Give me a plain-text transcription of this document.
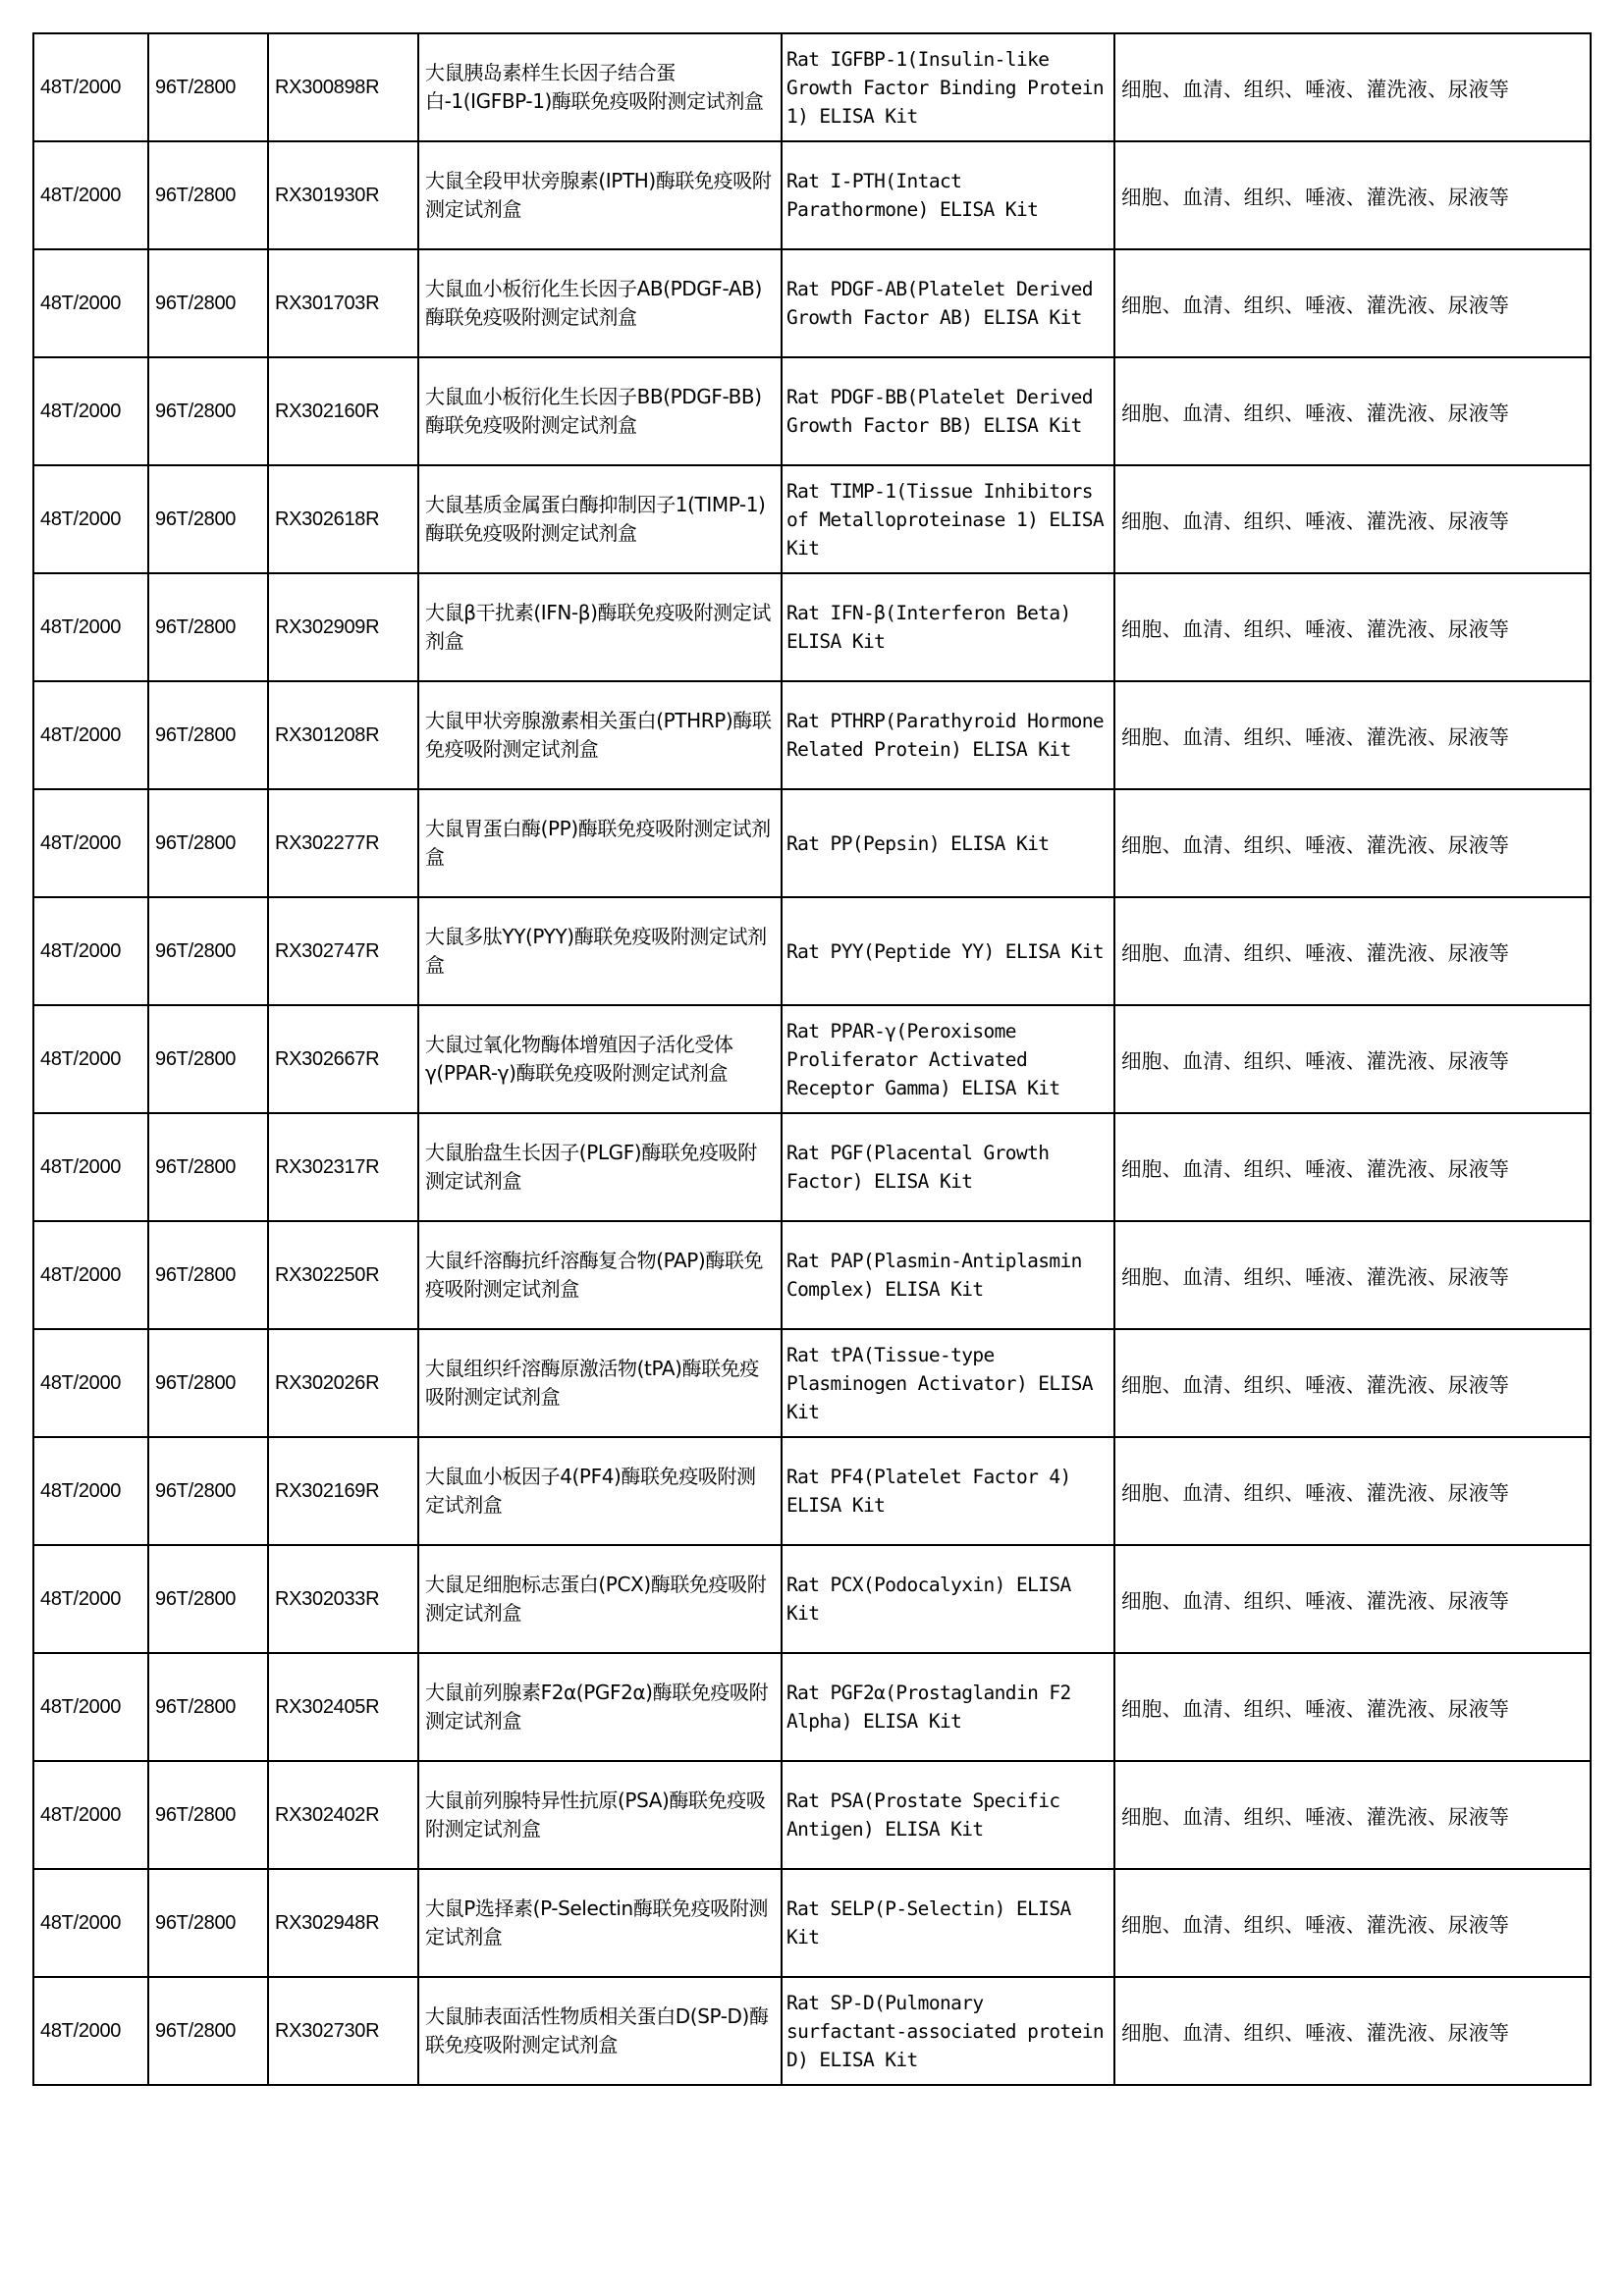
48T/2000	96T/2800	RX300898R	大鼠胰岛素样生长因子结合蛋白-1(IGFBP-1)酶联免疫吸附测定试剂盒	Rat IGFBP-1(Insulin-like Growth Factor Binding Protein 1) ELISA Kit	细胞、血清、组织、唾液、灌洗液、尿液等
48T/2000	96T/2800	RX301930R	大鼠全段甲状旁腺素(IPTH)酶联免疫吸附测定试剂盒	Rat I-PTH(Intact Parathormone) ELISA Kit	细胞、血清、组织、唾液、灌洗液、尿液等
48T/2000	96T/2800	RX301703R	大鼠血小板衍化生长因子AB(PDGF-AB)酶联免疫吸附测定试剂盒	Rat PDGF-AB(Platelet Derived Growth Factor AB) ELISA Kit	细胞、血清、组织、唾液、灌洗液、尿液等
48T/2000	96T/2800	RX302160R	大鼠血小板衍化生长因子BB(PDGF-BB)酶联免疫吸附测定试剂盒	Rat PDGF-BB(Platelet Derived Growth Factor BB) ELISA Kit	细胞、血清、组织、唾液、灌洗液、尿液等
48T/2000	96T/2800	RX302618R	大鼠基质金属蛋白酶抑制因子1(TIMP-1)酶联免疫吸附测定试剂盒	Rat TIMP-1(Tissue Inhibitors of Metalloproteinase 1) ELISA Kit	细胞、血清、组织、唾液、灌洗液、尿液等
48T/2000	96T/2800	RX302909R	大鼠β干扰素(IFN-β)酶联免疫吸附测定试剂盒	Rat IFN-β(Interferon Beta) ELISA Kit	细胞、血清、组织、唾液、灌洗液、尿液等
48T/2000	96T/2800	RX301208R	大鼠甲状旁腺激素相关蛋白(PTHRP)酶联免疫吸附测定试剂盒	Rat PTHRP(Parathyroid Hormone Related Protein) ELISA Kit	细胞、血清、组织、唾液、灌洗液、尿液等
48T/2000	96T/2800	RX302277R	大鼠胃蛋白酶(PP)酶联免疫吸附测定试剂盒	Rat PP(Pepsin) ELISA Kit	细胞、血清、组织、唾液、灌洗液、尿液等
48T/2000	96T/2800	RX302747R	大鼠多肽YY(PYY)酶联免疫吸附测定试剂盒	Rat PYY(Peptide YY) ELISA Kit	细胞、血清、组织、唾液、灌洗液、尿液等
48T/2000	96T/2800	RX302667R	大鼠过氧化物酶体增殖因子活化受体γ(PPAR-γ)酶联免疫吸附测定试剂盒	Rat PPAR-γ(Peroxisome Proliferator Activated Receptor Gamma) ELISA Kit	细胞、血清、组织、唾液、灌洗液、尿液等
48T/2000	96T/2800	RX302317R	大鼠胎盘生长因子(PLGF)酶联免疫吸附测定试剂盒	Rat PGF(Placental Growth Factor) ELISA Kit	细胞、血清、组织、唾液、灌洗液、尿液等
48T/2000	96T/2800	RX302250R	大鼠纤溶酶抗纤溶酶复合物(PAP)酶联免疫吸附测定试剂盒	Rat PAP(Plasmin-Antiplasmin Complex) ELISA Kit	细胞、血清、组织、唾液、灌洗液、尿液等
48T/2000	96T/2800	RX302026R	大鼠组织纤溶酶原激活物(tPA)酶联免疫吸附测定试剂盒	Rat tPA(Tissue-type Plasminogen Activator) ELISA Kit	细胞、血清、组织、唾液、灌洗液、尿液等
48T/2000	96T/2800	RX302169R	大鼠血小板因子4(PF4)酶联免疫吸附测定试剂盒	Rat PF4(Platelet Factor 4) ELISA Kit	细胞、血清、组织、唾液、灌洗液、尿液等
48T/2000	96T/2800	RX302033R	大鼠足细胞标志蛋白(PCX)酶联免疫吸附测定试剂盒	Rat PCX(Podocalyxin) ELISA Kit	细胞、血清、组织、唾液、灌洗液、尿液等
48T/2000	96T/2800	RX302405R	大鼠前列腺素F2α(PGF2α)酶联免疫吸附测定试剂盒	Rat PGF2α(Prostaglandin F2 Alpha) ELISA Kit	细胞、血清、组织、唾液、灌洗液、尿液等
48T/2000	96T/2800	RX302402R	大鼠前列腺特异性抗原(PSA)酶联免疫吸附测定试剂盒	Rat PSA(Prostate Specific Antigen) ELISA Kit	细胞、血清、组织、唾液、灌洗液、尿液等
48T/2000	96T/2800	RX302948R	大鼠P选择素(P-Selectin酶联免疫吸附测定试剂盒	Rat SELP(P-Selectin) ELISA Kit	细胞、血清、组织、唾液、灌洗液、尿液等
48T/2000	96T/2800	RX302730R	大鼠肺表面活性物质相关蛋白D(SP-D)酶联免疫吸附测定试剂盒	Rat SP-D(Pulmonary surfactant-associated protein D) ELISA Kit	细胞、血清、组织、唾液、灌洗液、尿液等
